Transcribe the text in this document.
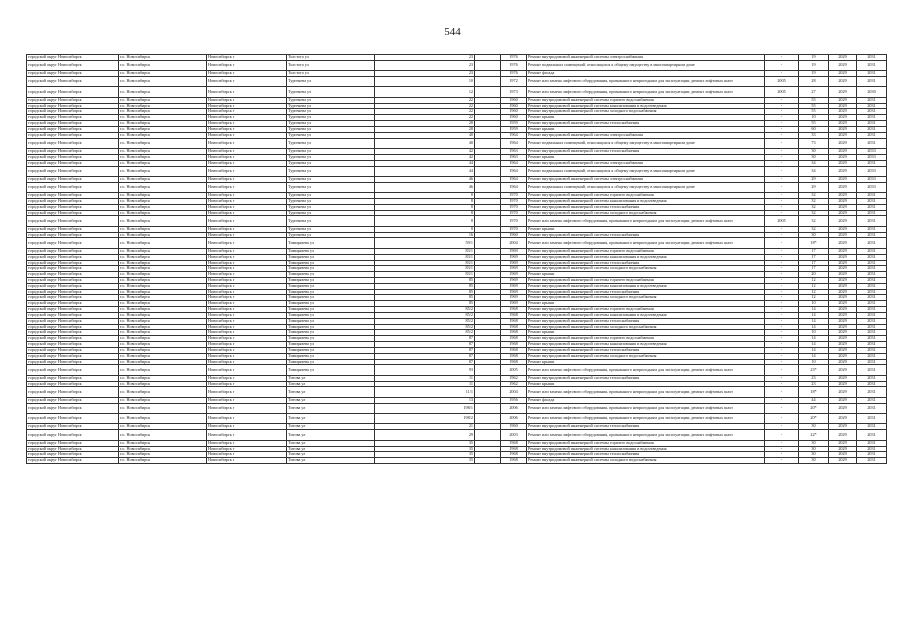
544
городской округ Новосибирск	г.о. Новосибирск	Новосибирск г	Толстого ул	23		1976	Ремонт внутридомовой инженерной системы электроснабжения	-	19	2029	2031
городской округ Новосибирск	г.о. Новосибирск	Новосибирск г	Толстого ул	23		1976	Ремонт подвальных помещений, относящихся к общему имуществу в многоквартирном доме	-	19	2029	2031
городской округ Новосибирск	г.о. Новосибирск	Новосибирск г	Толстого ул	23		1976	Ремонт фасада	-	19	2029	2031
городской округ Новосибирск	г.о. Новосибирск	Новосибирск г	Тургенева ул	10		1972	Ремонт или замена лифтового оборудования, признанного непригодным для эксплуатации, ремонт лифтовых шахт	2005	28	2029	2031
городской округ Новосибирск	г.о. Новосибирск	Новосибирск г	Тургенева ул	12		1973	Ремонт или замена лифтового оборудования, признанного непригодным для эксплуатации, ремонт лифтовых шахт	2005	27	2029	2030
городской округ Новосибирск	г.о. Новосибирск	Новосибирск г	Тургенева ул	22		1960	Ремонт внутридомовой инженерной системы горячего водоснабжения	-	55	2029	2031
городской округ Новосибирск	г.о. Новосибирск	Новосибирск г	Тургенева ул	22		1960	Ремонт внутридомовой инженерной системы канализования и водоотведения	-	55	2029	2031
городской округ Новосибирск	г.о. Новосибирск	Новосибирск г	Тургенева ул	22		1960	Ремонт внутридомовой инженерной системы холодного водоснабжения	-	55	2029	2031
городской округ Новосибирск	г.о. Новосибирск	Новосибирск г	Тургенева ул	22		1960	Ремонт крыши	-	10	2029	2031
городской округ Новосибирск	г.о. Новосибирск	Новосибирск г	Тургенева ул	28		1959	Ремонт внутридомовой инженерной системы теплоснабжения	-	55	2029	2031
городской округ Новосибирск	г.о. Новосибирск	Новосибирск г	Тургенева ул	28		1959	Ремонт крыши	-	60	2029	2031
городской округ Новосибирск	г.о. Новосибирск	Новосибирск г	Тургенева ул	40		1964	Ремонт внутридомовой инженерной системы электроснабжения	-	33	2029	2031
городской округ Новосибирск	г.о. Новосибирск	Новосибирск г	Тургенева ул	40		1964	Ремонт подвальных помещений, относящихся к общему имуществу в многоквартирном доме	-	73	2029	2031
городской округ Новосибирск	г.о. Новосибирск	Новосибирск г	Тургенева ул	42		1963	Ремонт внутридомовой инженерной системы теплоснабжения	-	30	2029	2033
городской округ Новосибирск	г.о. Новосибирск	Новосибирск г	Тургенева ул	42		1963	Ремонт крыши	-	30	2029	2033
городской округ Новосибирск	г.о. Новосибирск	Новосибирск г	Тургенева ул	44		1964	Ремонт внутридомовой инженерной системы электроснабжения	-	34	2029	2031
городской округ Новосибирск	г.о. Новосибирск	Новосибирск г	Тургенева ул	44		1964	Ремонт подвальных помещений, относящихся к общему имуществу в многоквартирном доме	-	34	2029	2033
городской округ Новосибирск	г.о. Новосибирск	Новосибирск г	Тургенева ул	46		1964	Ремонт внутридомовой инженерной системы электроснабжения	-	29	2029	2033
городской округ Новосибирск	г.о. Новосибирск	Новосибирск г	Тургенева ул	46		1964	Ремонт подвальных помещений, относящихся к общему имуществу в многоквартирном доме	-	29	2029	2033
городской округ Новосибирск	г.о. Новосибирск	Новосибирск г	Тургенева ул	8		1970	Ремонт внутридомовой инженерной системы горячего водоснабжения	-	32	2029	2031
городской округ Новосибирск	г.о. Новосибирск	Новосибирск г	Тургенева ул	8		1970	Ремонт внутридомовой инженерной системы канализования и водоотведения	-	32	2029	2031
городской округ Новосибирск	г.о. Новосибирск	Новосибирск г	Тургенева ул	8		1970	Ремонт внутридомовой инженерной системы теплоснабжения	-	32	2029	2031
городской округ Новосибирск	г.о. Новосибирск	Новосибирск г	Тургенева ул	8		1970	Ремонт внутридомовой инженерной системы холодного водоснабжения	-	32	2029	2031
городской округ Новосибирск	г.о. Новосибирск	Новосибирск г	Тургенева ул	8		1970	Ремонт или замена лифтового оборудования, признанного непригодным для эксплуатации, ремонт лифтовых шахт	2005	32	2029	2031
городской округ Новосибирск	г.о. Новосибирск	Новосибирск г	Тургенева ул	8		1970	Ремонт крыши	-	32	2029	2031
городской округ Новосибирск	г.о. Новосибирск	Новосибирск г	Тургенева ул	16		1960	Ремонт внутридомовой инженерной системы теплоснабжения	-	30	2029	2031
городской округ Новосибирск	г.о. Новосибирск	Новосибирск г	Тимирязева ул	59/1		2004	Ремонт или замена лифтового оборудования, признанного непригодным для эксплуатации, ремонт лифтовых шахт	-	18*	2029	2031
городской округ Новосибирск	г.о. Новосибирск	Новосибирск г	Тимирязева ул	83/1		1969	Ремонт внутридомовой инженерной системы горячего водоснабжения	-	17	2029	2031
городской округ Новосибирск	г.о. Новосибирск	Новосибирск г	Тимирязева ул	83/1		1969	Ремонт внутридомовой инженерной системы канализования и водоотведения	-	17	2029	2031
городской округ Новосибирск	г.о. Новосибирск	Новосибирск г	Тимирязева ул	83/1		1969	Ремонт внутридомовой инженерной системы теплоснабжения	-	17	2029	2031
городской округ Новосибирск	г.о. Новосибирск	Новосибирск г	Тимирязева ул	83/1		1969	Ремонт внутридомовой инженерной системы холодного водоснабжения	-	17	2029	2031
городской округ Новосибирск	г.о. Новосибирск	Новосибирск г	Тимирязева ул	83/1		1969	Ремонт крыши	-	20	2029	2031
городской округ Новосибирск	г.о. Новосибирск	Новосибирск г	Тимирязева ул	85		1969	Ремонт внутридомовой инженерной системы горячего водоснабжения	-	12	2029	2031
городской округ Новосибирск	г.о. Новосибирск	Новосибирск г	Тимирязева ул	85		1969	Ремонт внутридомовой инженерной системы канализования и водоотведения	-	12	2029	2031
городской округ Новосибирск	г.о. Новосибирск	Новосибирск г	Тимирязева ул	85		1969	Ремонт внутридомовой инженерной системы теплоснабжения	-	12	2029	2031
городской округ Новосибирск	г.о. Новосибирск	Новосибирск г	Тимирязева ул	85		1969	Ремонт внутридомовой инженерной системы холодного водоснабжения	-	12	2029	2031
городской округ Новосибирск	г.о. Новосибирск	Новосибирск г	Тимирязева ул	85		1969	Ремонт крыши	-	10	2029	2031
городской округ Новосибирск	г.о. Новосибирск	Новосибирск г	Тимирязева ул	85/2		1968	Ремонт внутридомовой инженерной системы горячего водоснабжения	-	14	2029	2031
городской округ Новосибирск	г.о. Новосибирск	Новосибирск г	Тимирязева ул	85/2		1968	Ремонт внутридомовой инженерной системы канализования и водоотведения	-	14	2029	2031
городской округ Новосибирск	г.о. Новосибирск	Новосибирск г	Тимирязева ул	85/2		1968	Ремонт внутридомовой инженерной системы теплоснабжения	-	14	2029	2031
городской округ Новосибирск	г.о. Новосибирск	Новосибирск г	Тимирязева ул	85/2		1968	Ремонт внутридомовой инженерной системы холодного водоснабжения	-	14	2029	2031
городской округ Новосибирск	г.о. Новосибирск	Новосибирск г	Тимирязева ул	85/2		1968	Ремонт крыши	-	10	2029	2031
городской округ Новосибирск	г.о. Новосибирск	Новосибирск г	Тимирязева ул	87		1968	Ремонт внутридомовой инженерной системы горячего водоснабжения	-	14	2029	2031
городской округ Новосибирск	г.о. Новосибирск	Новосибирск г	Тимирязева ул	87		1968	Ремонт внутридомовой инженерной системы канализования и водоотведения	-	14	2029	2031
городской округ Новосибирск	г.о. Новосибирск	Новосибирск г	Тимирязева ул	87		1968	Ремонт внутридомовой инженерной системы теплоснабжения	-	14	2029	2031
городской округ Новосибирск	г.о. Новосибирск	Новосибирск г	Тимирязева ул	87		1968	Ремонт внутридомовой инженерной системы холодного водоснабжения	-	14	2029	2031
городской округ Новосибирск	г.о. Новосибирск	Новосибирск г	Тимирязева ул	87		1968	Ремонт крыши	-	10	2029	2031
городской округ Новосибирск	г.о. Новосибирск	Новосибирск г	Тимирязева ул	93		2005	Ремонт или замена лифтового оборудования, признанного непригодным для эксплуатации, ремонт лифтовых шахт	-	23*	2029	2031
городской округ Новосибирск	г.о. Новосибирск	Новосибирск г	Титова ул	11		1962	Ремонт внутридомовой инженерной системы теплоснабжения	-	23	2029	2031
городской округ Новосибирск	г.о. Новосибирск	Новосибирск г	Титова ул	11		1962	Ремонт крыши	-	23	2029	2031
городской округ Новосибирск	г.о. Новосибирск	Новосибирск г	Титова ул	11/1		2004	Ремонт или замена лифтового оборудования, признанного непригодным для эксплуатации, ремонт лифтовых шахт	-	18*	2029	2031
городской округ Новосибирск	г.о. Новосибирск	Новосибирск г	Титова ул	13		1956	Ремонт фасада	-	44	2029	2031
городской округ Новосибирск	г.о. Новосибирск	Новосибирск г	Титова ул	198/1		2006	Ремонт или замена лифтового оборудования, признанного непригодным для эксплуатации, ремонт лифтовых шахт	-	20*	2029	2031
городской округ Новосибирск	г.о. Новосибирск	Новосибирск г	Титова ул	198/2		2006	Ремонт или замена лифтового оборудования, признанного непригодным для эксплуатации, ремонт лифтовых шахт	-	20*	2029	2031
городской округ Новосибирск	г.о. Новосибирск	Новосибирск г	Титова ул	21		1960	Ремонт внутридомовой инженерной системы теплоснабжения	-	30	2029	2031
городской округ Новосибирск	г.о. Новосибирск	Новосибирск г	Титова ул	29		2003	Ремонт или замена лифтового оборудования, признанного непригодным для эксплуатации, ремонт лифтовых шахт	-	22*	2029	2031
городской округ Новосибирск	г.о. Новосибирск	Новосибирск г	Титова ул	35		1968	Ремонт внутридомовой инженерной системы горячего водоснабжения	-	30	2029	2031
городской округ Новосибирск	г.о. Новосибирск	Новосибирск г	Титова ул	35		1968	Ремонт внутридомовой инженерной системы канализования и водоотведения	-	30	2029	2031
городской округ Новосибирск	г.о. Новосибирск	Новосибирск г	Титова ул	35		1968	Ремонт внутридомовой инженерной системы теплоснабжения	-	30	2029	2031
городской округ Новосибирск	г.о. Новосибирск	Новосибирск г	Титова ул	35		1968	Ремонт внутридомовой инженерной системы холодного водоснабжения	-	30	2029	2031
